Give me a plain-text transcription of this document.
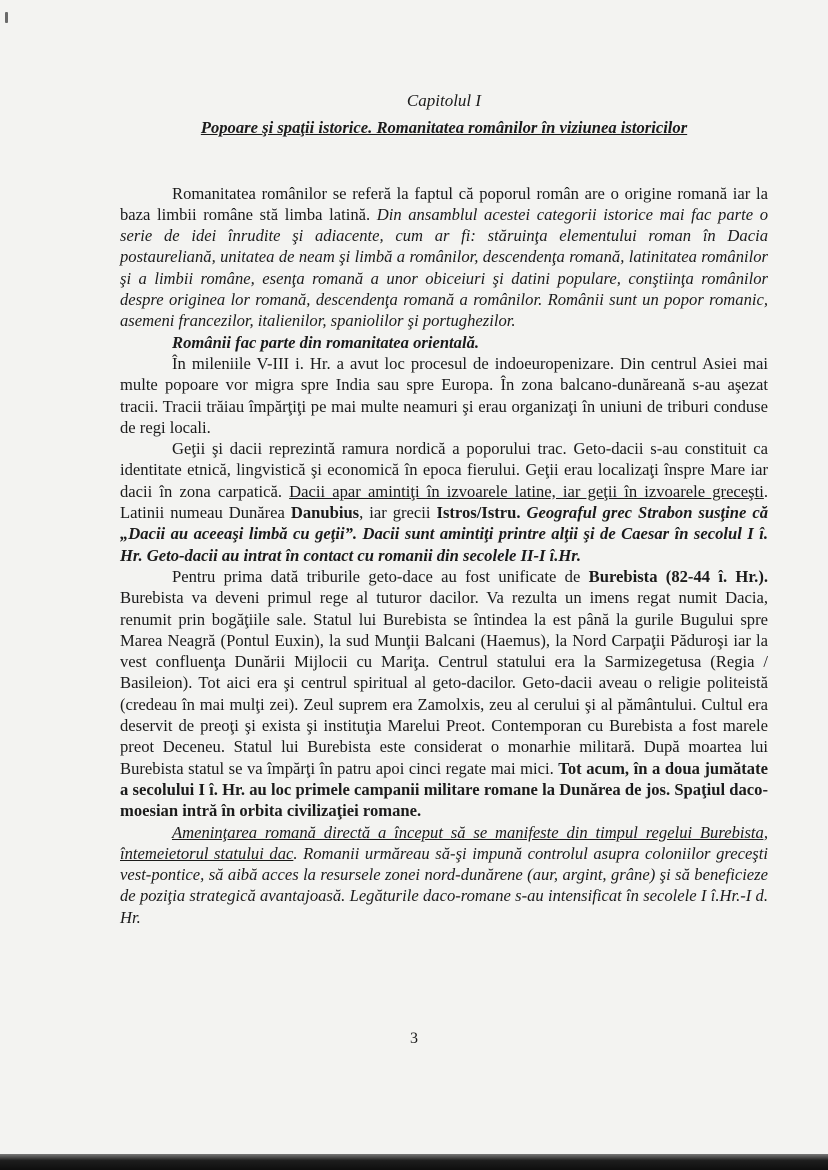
Capitolul I

Popoare şi spaţii istorice. Romanitatea românilor în viziunea istoricilor

Romanitatea românilor se referă la faptul că poporul român are o origine romană iar la baza limbii române stă limba latină. Din ansamblul acestei categorii istorice mai fac parte o serie de idei înrudite şi adiacente, cum ar fi: stăruinţa elementului roman în Dacia postaureliană, unitatea de neam şi limbă a românilor, descendenţa romană, latinitatea românilor şi a limbii române, esenţa romană a unor obiceiuri şi datini populare, conştiinţa românilor despre originea lor romană, descendenţa romană a românilor. Românii sunt un popor romanic, asemeni francezilor, italienilor, spaniolilor şi portughezilor.

Românii fac parte din romanitatea orientală.

În mileniile V-III i. Hr. a avut loc procesul de indoeuropenizare. Din centrul Asiei mai multe popoare vor migra spre India sau spre Europa. În zona balcano-dunăreană s-au aşezat tracii. Tracii trăiau împărţiţi pe mai multe neamuri şi erau organizaţi în uniuni de triburi conduse de regi locali.

Geţii şi dacii reprezintă ramura nordică a poporului trac. Geto-dacii s-au constituit ca identitate etnică, lingvistică şi economică în epoca fierului. Geţii erau localizaţi înspre Mare iar dacii în zona carpatică. Dacii apar amintiţi în izvoarele latine, iar geţii în izvoarele greceşti. Latinii numeau Dunărea Danubius, iar grecii Istros/Istru. Geograful grec Strabon susţine că „Dacii au aceeaşi limbă cu geţii”. Dacii sunt amintiţi printre alţii şi de Caesar în secolul I î. Hr. Geto-dacii au intrat în contact cu romanii din secolele II-I î.Hr.

Pentru prima dată triburile geto-dace au fost unificate de Burebista (82-44 î. Hr.). Burebista va deveni primul rege al tuturor dacilor. Va rezulta un imens regat numit Dacia, renumit prin bogăţiile sale. Statul lui Burebista se întindea la est până la gurile Bugului spre Marea Neagră (Pontul Euxin), la sud Munţii Balcani (Haemus), la Nord Carpaţii Păduroşi iar la vest confluenţa Dunării Mijlocii cu Mariţa. Centrul statului era la Sarmizegetusa (Regia / Basileion). Tot aici era şi centrul spiritual al geto-dacilor. Geto-dacii aveau o religie politeistă (credeau în mai mulţi zei). Zeul suprem era Zamolxis, zeu al cerului şi al pământului. Cultul era deservit de preoţi şi exista şi instituţia Marelui Preot. Contemporan cu Burebista a fost marele preot Deceneu. Statul lui Burebista este considerat o monarhie militară. După moartea lui Burebista statul se va împărţi în patru apoi cinci regate mai mici. Tot acum, în a doua jumătate a secolului I î. Hr. au loc primele campanii militare romane la Dunărea de jos. Spaţiul daco-moesian intră în orbita civilizaţiei romane.

Ameninţarea romană directă a început să se manifeste din timpul regelui Burebista, întemeietorul statului dac. Romanii urmăreau să-şi impună controlul asupra coloniilor greceşti vest-pontice, să aibă acces la resursele zonei nord-dunărene (aur, argint, grâne) şi să beneficieze de poziţia strategică avantajoasă. Legăturile daco-romane s-au intensificat în secolele I î.Hr.-I d. Hr.

3
